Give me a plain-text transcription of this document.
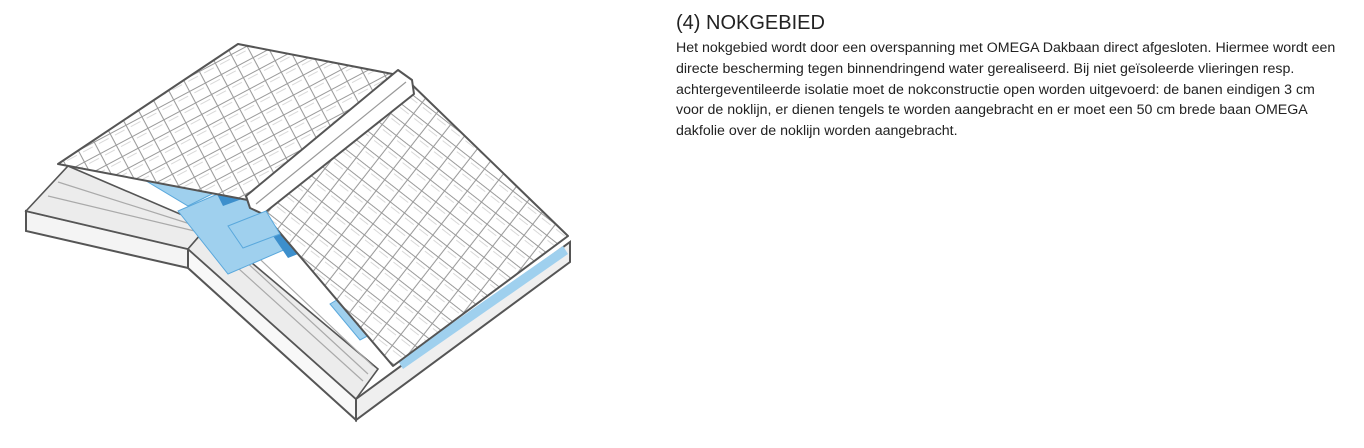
(4) NOKGEBIED

Het nokgebied wordt door een overspanning met OMEGA Dakbaan direct afgesloten. Hiermee wordt een directe bescherming tegen binnendringend water gerealiseerd. Bij niet geïsoleerde vlieringen resp. achtergeventileerde isolatie moet de nokconstructie open worden uitgevoerd: de banen eindigen 3 cm voor de noklijn, er dienen tengels te worden aangebracht en er moet een 50 cm brede baan OMEGA dakfolie over de noklijn worden aangebracht.
